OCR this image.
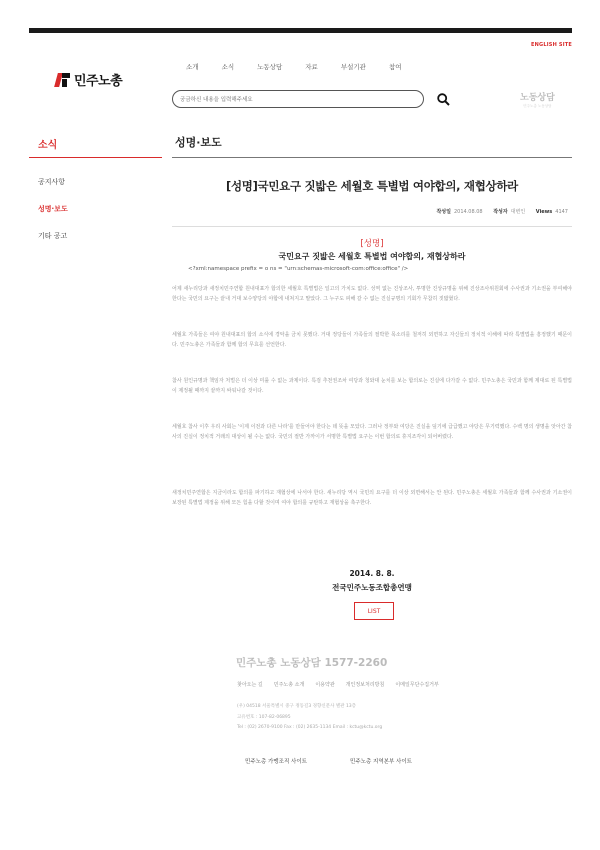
ENGLISH SITE
민주노총
소개	소식	노동상담	자료	부설기관	참여
궁금하신 내용을 입력해주세요	노동상담
민주노총 노동상담
소식	성명·보도
공지사항
성명·보도
기타 공고
[성명]국민요구 짓밟은 세월호 특별법 여야합의, 재협상하라
작성일 2014.08.08 작성자 대변인 Views 4147
[성명]
국민요구 짓밟은 세월호 특별법 여야합의, 재협상하라
<?xml:namespace prefix = o ns = "urn:schemas-microsoft-com:office:office" />

어제 새누리당과 새정치민주연합 원내대표가 합의한 세월호 특별법은 일고의 가치도 없다. 성역 없는 진상조사, 투명한 진상규명을 위해 진상조사위원회에 수사권과 기소권을 부여해야 한다는 국민의 요구는 끝내 거대 보수양당의 야합에 내쳐지고 말았다. 그 누구도 피해 갈 수 없는 진실규명의 기회가 무참히 짓밟혔다.

세월호 가족들은 여야 원내대표의 합의 소식에 경악을 금치 못했다. 거대 정당들이 가족들의 절박한 목소리를 철저히 외면하고 자신들의 정치적 이해에 따라 특별법을 흥정했기 때문이다. 민주노총은 가족들과 함께 합의 무효를 선언한다.

참사 원인규명과 책임자 처벌은 더 이상 미룰 수 없는 과제이다. 특검 추천권조차 여당과 청와대 눈치를 보는 합의로는 진실에 다가갈 수 없다. 민주노총은 국민과 함께 제대로 된 특별법이 제정될 때까지 끝까지 싸워나갈 것이다.

세월호 참사 이후 우리 사회는 '이제 이전과 다른 나라'를 만들어야 한다는 데 뜻을 모았다. 그러나 정부와 여당은 진실을 덮기에 급급했고 야당은 무기력했다. 수백 명의 생명을 앗아간 참사의 진실이 정치적 거래의 대상이 될 수는 없다. 국민의 절반 가까이가 서명한 특별법 요구는 이번 합의로 휴지조각이 되어버렸다.

새정치민주연합은 지금이라도 합의를 파기하고 재협상에 나서야 한다. 새누리당 역시 국민의 요구를 더 이상 외면해서는 안 된다. 민주노총은 세월호 가족들과 함께 수사권과 기소권이 보장된 특별법 제정을 위해 모든 힘을 다할 것이며 여야 합의를 규탄하고 재협상을 촉구한다.

2014. 8. 8.
전국민주노동조합총연맹
LIST
민주노총 노동상담 1577-2260
찾아오는 길 민주노총 소개 이용약관 개인정보처리방침 이메일무단수집거부
(우) 04518 서울특별시 중구 정동길3 경향신문사 별관 13층
고유번호 : 107-82-06895
Tel : (02) 2670-9100 Fax : (02) 2635-1134 Email : kctu@kctu.org
민주노총 가맹조직 사이트	민주노총 지역본부 사이트
